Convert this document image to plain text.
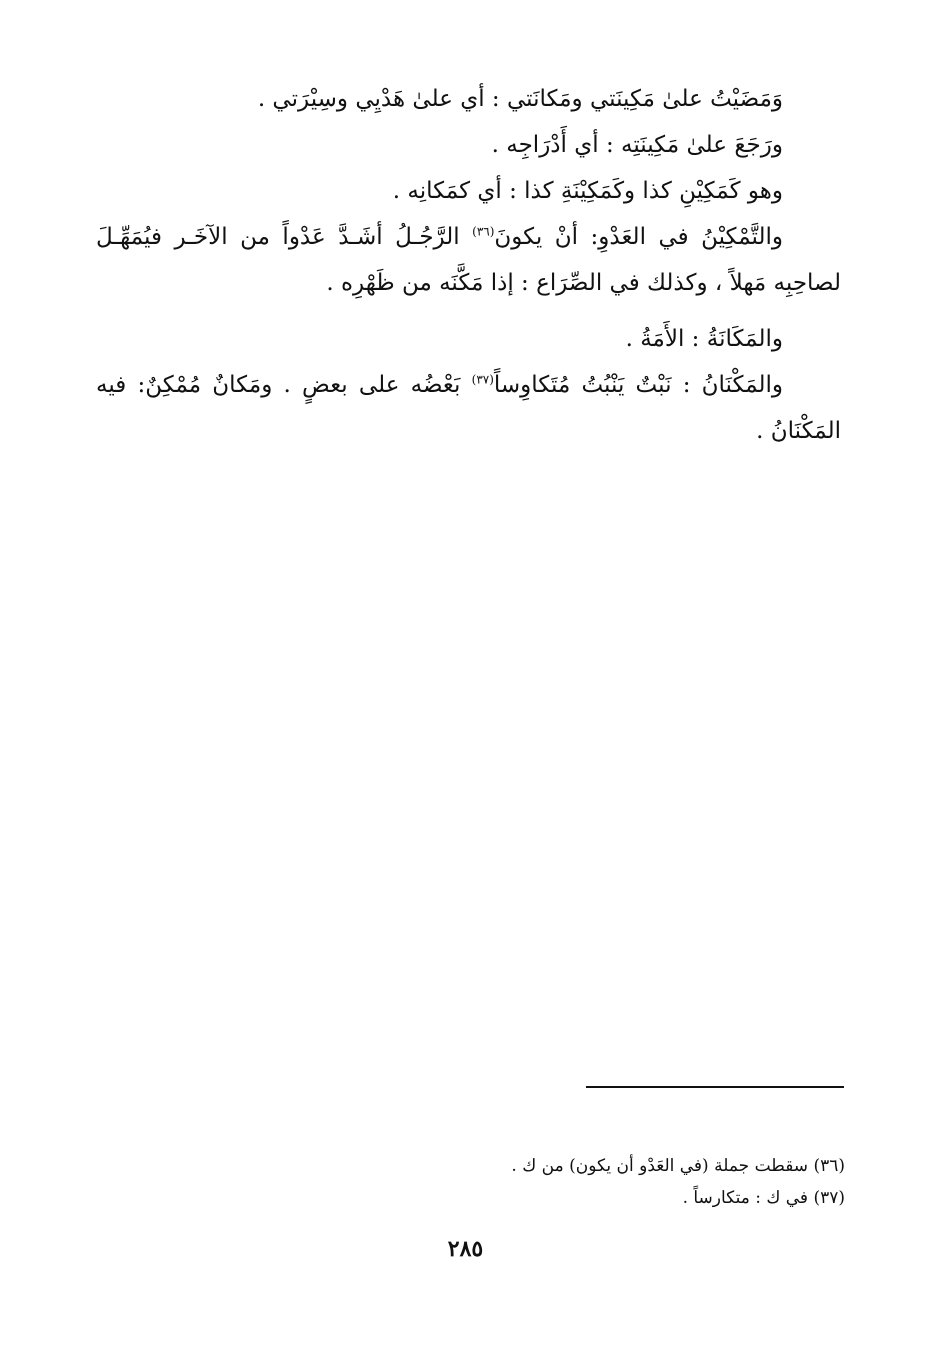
وَمَضَيْتُ علىٰ مَكِينَتي ومَكانَتي : أي علىٰ هَدْيِي وسِيْرَتي .
ورَجَعَ علىٰ مَكِينَتِه : أي أَدْرَاجِه .
وهو كَمَكِيْنِ كذا وكَمَكِيْنَةِ كذا : أي كمَكانِه .
والتَّمْكِيْنُ في العَدْوِ: أنْ يكونَ$^{(٣٦)}$ الرَّجُـلُ أشَـدَّ عَدْواً من الآخَـر فيُمَهِّـلَ
لصاحِبِه مَهلاً ، وكذلك في الصِّرَاع : إذا مَكَّنَه من ظَهْرِه .
والمَكَانَةُ : الأَمَةُ .
والمَكْنَانُ : نَبْتٌ يَنْبُتُ مُتَكاوِساً$^{(٣٧)}$ بَعْضُه على بعضٍ . ومَكانٌ مُمْكِنٌ: فيه
المَكْنَانُ .
(٣٦) سقطت جملة (في العَدْو أن يكون) من ك .
(٣٧) في ك : متكارساً .
٢٨٥
